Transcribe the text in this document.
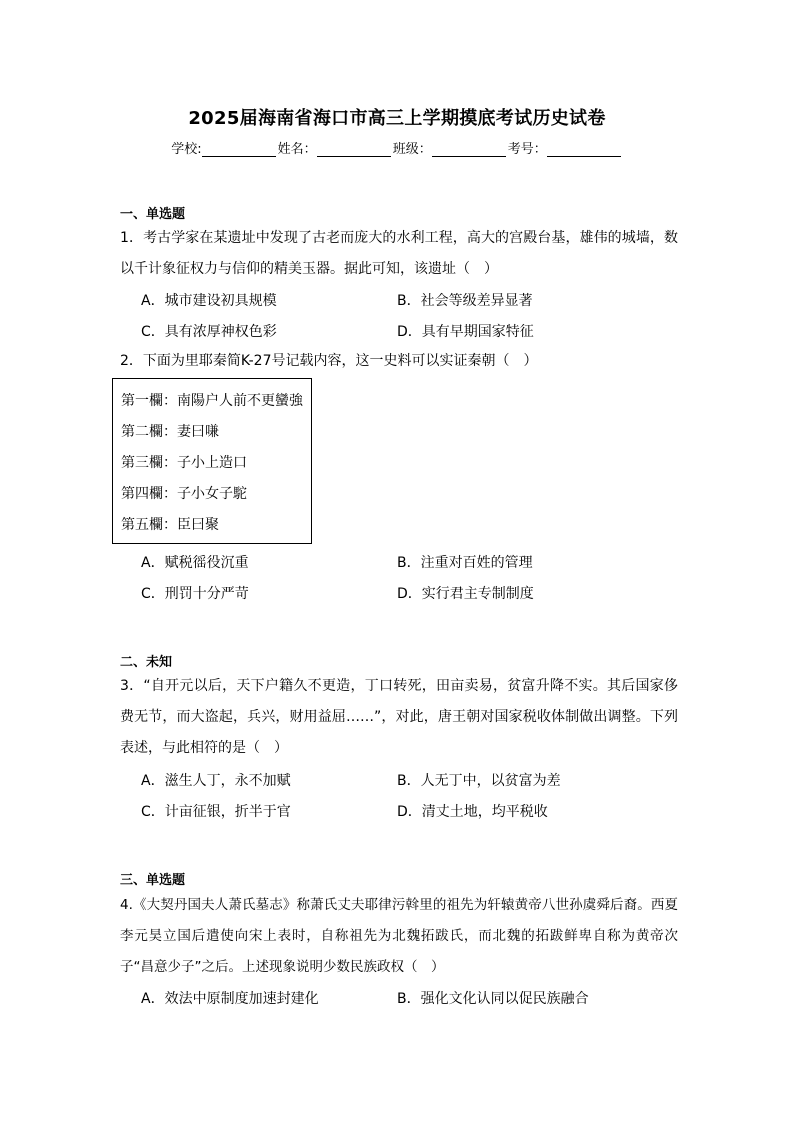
2025届海南省海口市高三上学期摸底考试历史试卷
学校:	姓名：	班级：	考号：
一、单选题
1．考古学家在某遗址中发现了古老而庞大的水利工程，高大的宫殿台基，雄伟的城墙，数以千计象征权力与信仰的精美玉器。据此可知，该遗址（　）
A．城市建设初具规模	B．社会等级差异显著
C．具有浓厚神权色彩	D．具有早期国家特征
2．下面为里耶秦简K-27号记载内容，这一史料可以实证秦朝（　）
第一欄：南陽户人前不更蠻強
第二欄：妻曰嗛
第三欄：子小上造口
第四欄：子小女子駝
第五欄：臣曰聚
A．赋税徭役沉重	B．注重对百姓的管理
C．刑罚十分严苛	D．实行君主专制制度
二、未知
3．“自开元以后，天下户籍久不更造，丁口转死，田亩卖易，贫富升降不实。其后国家侈费无节，而大盗起，兵兴，财用益屈……”，对此，唐王朝对国家税收体制做出调整。下列表述，与此相符的是（　）
A．滋生人丁，永不加赋	B．人无丁中，以贫富为差
C．计亩征银，折半于官	D．清丈土地，均平税收
三、单选题
4.《大契丹国夫人萧氏墓志》称萧氏丈夫耶律污斡里的祖先为轩辕黄帝八世孙虞舜后裔。西夏李元昊立国后遣使向宋上表时，自称祖先为北魏拓跋氏，而北魏的拓跋鲜卑自称为黄帝次子“昌意少子”之后。上述现象说明少数民族政权（　）
A．效法中原制度加速封建化	B．强化文化认同以促民族融合
